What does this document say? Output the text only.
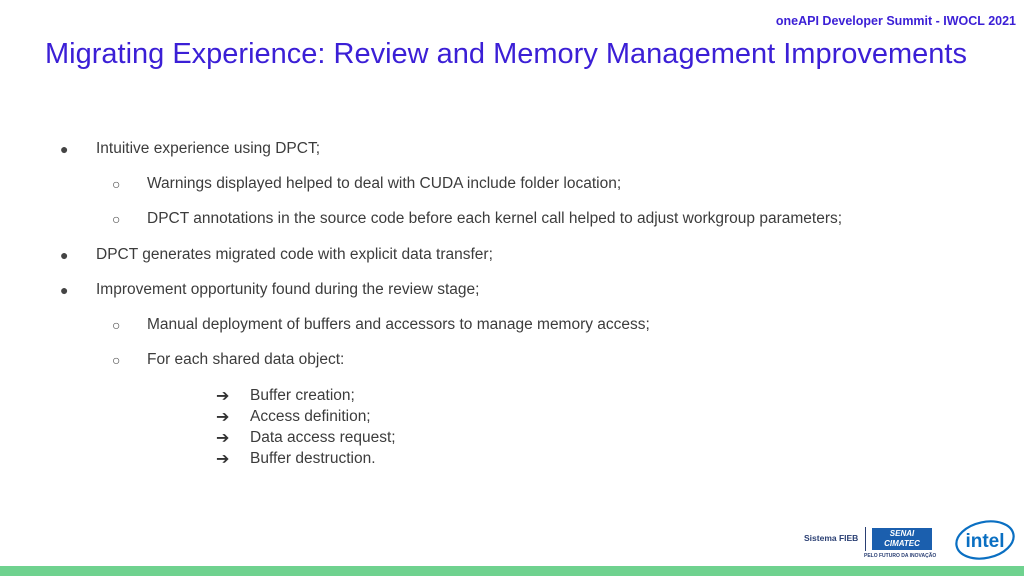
oneAPI Developer Summit - IWOCL 2021
Migrating Experience: Review and Memory Management Improvements
● Intuitive experience using DPCT;
○ Warnings displayed helped to deal with CUDA include folder location;
○ DPCT annotations in the source code before each kernel call helped to adjust workgroup parameters;
● DPCT generates migrated code with explicit data transfer;
● Improvement opportunity found during the review stage;
○ Manual deployment of buffers and accessors to manage memory access;
○ For each shared data object:
➔ Buffer creation;
➔ Access definition;
➔ Data access request;
➔ Buffer destruction.
Sistema FIEB	SENAI
CIMATEC
PELO FUTURO DA INOVAÇÃO
intel
